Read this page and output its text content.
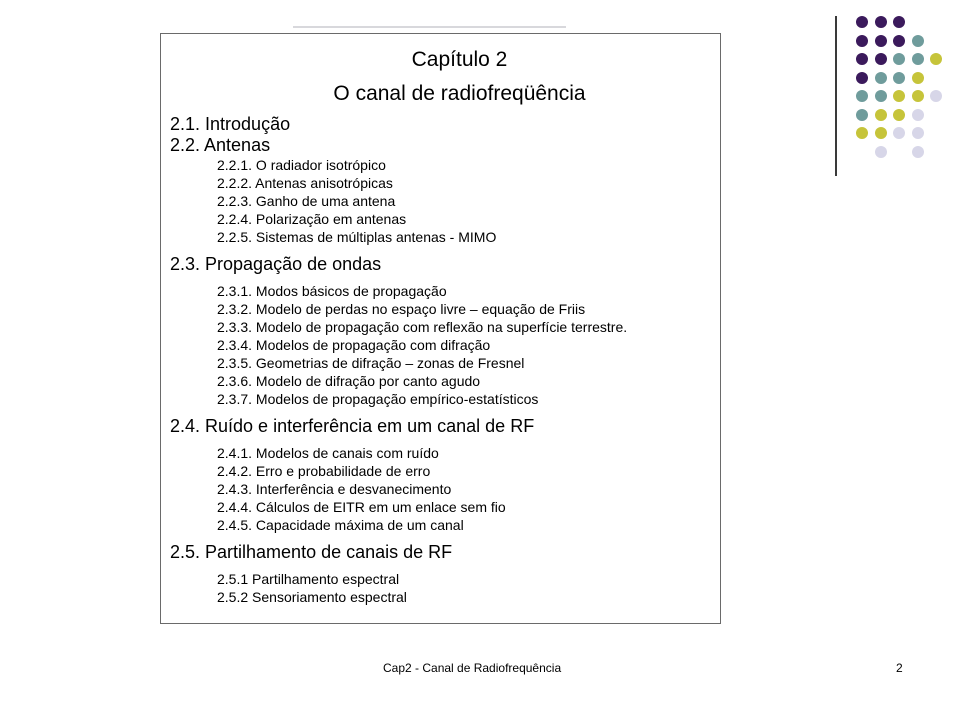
Capítulo 2
O canal de radiofreqüência
2.1. Introdução
2.2. Antenas
2.2.1. O radiador isotrópico
2.2.2. Antenas anisotrópicas
2.2.3. Ganho de uma antena
2.2.4. Polarização em antenas
2.2.5. Sistemas de múltiplas antenas - MIMO
2.3. Propagação de ondas
2.3.1. Modos básicos de propagação
2.3.2. Modelo de perdas no espaço livre – equação de Friis
2.3.3. Modelo de propagação com reflexão na superfície terrestre.
2.3.4. Modelos de propagação com difração
2.3.5. Geometrias de difração – zonas de Fresnel
2.3.6. Modelo de difração por canto agudo
2.3.7. Modelos de propagação empírico-estatísticos
2.4. Ruído e interferência em um canal de RF
2.4.1. Modelos de canais com ruído
2.4.2. Erro e probabilidade de erro
2.4.3. Interferência e desvanecimento
2.4.4. Cálculos de EITR em um enlace sem fio
2.4.5. Capacidade máxima de um canal
2.5. Partilhamento de canais de RF
2.5.1 Partilhamento espectral
2.5.2 Sensoriamento espectral
Cap2 - Canal de Radiofrequência	2
